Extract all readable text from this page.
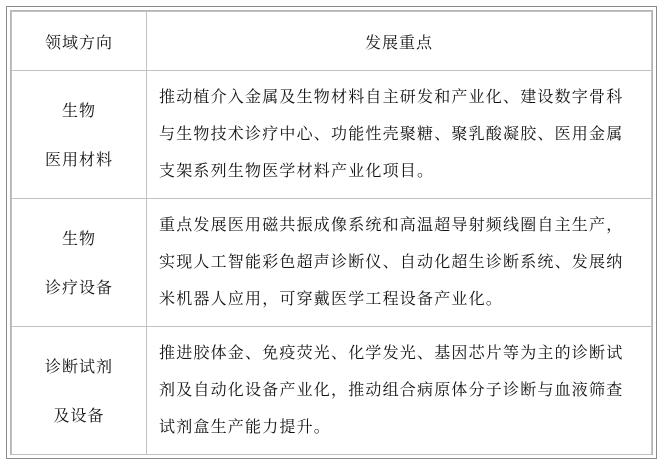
领域方向	发展重点

生物
医用材料	推动植介入金属及生物材料自主研发和产业化、建设数字骨科
与生物技术诊疗中心、功能性壳聚糖、聚乳酸凝胶、医用金属
支架系列生物医学材料产业化项目。

生物
诊疗设备	重点发展医用磁共振成像系统和高温超导射频线圈自主生产，
实现人工智能彩色超声诊断仪、自动化超生诊断系统、发展纳
米机器人应用，可穿戴医学工程设备产业化。

诊断试剂
及设备	推进胶体金、免疫荧光、化学发光、基因芯片等为主的诊断试
剂及自动化设备产业化，推动组合病原体分子诊断与血液筛查
试剂盒生产能力提升。
